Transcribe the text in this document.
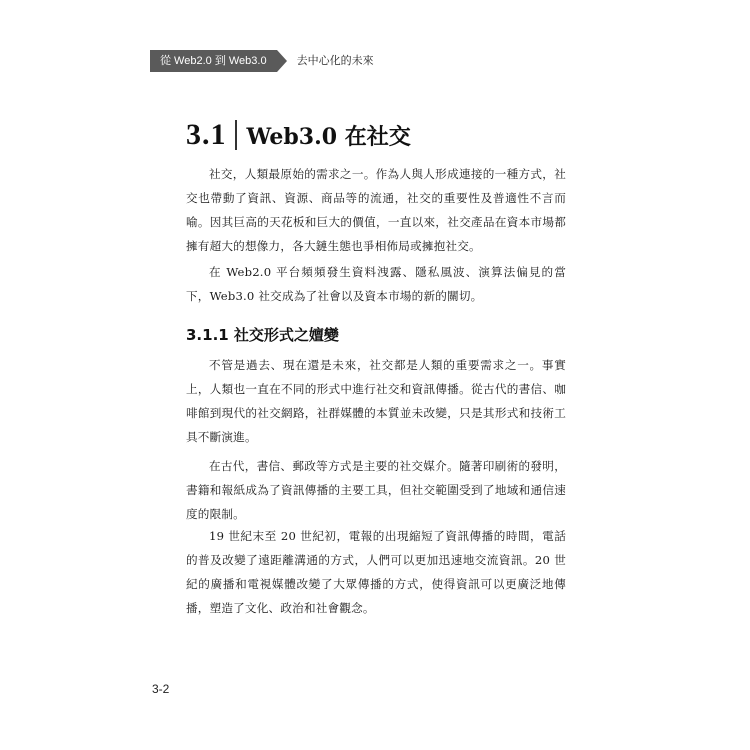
從 Web2.0 到 Web3.0	去中心化的未來
3.1 Web3.0 在社交

社交，人類最原始的需求之一。作為人與人形成連接的一種方式，社交也帶動了資訊、資源、商品等的流通，社交的重要性及普適性不言而喻。因其巨高的天花板和巨大的價值，一直以來，社交產品在資本市場都擁有超大的想像力，各大鏈生態也爭相佈局或擁抱社交。

在 Web2.0 平台頻頻發生資料洩露、隱私風波、演算法偏見的當下，Web3.0 社交成為了社會以及資本市場的新的關切。

3.1.1 社交形式之嬗變

不管是過去、現在還是未來，社交都是人類的重要需求之一。事實上，人類也一直在不同的形式中進行社交和資訊傳播。從古代的書信、咖啡館到現代的社交網路，社群媒體的本質並未改變，只是其形式和技術工具不斷演進。

在古代，書信、郵政等方式是主要的社交媒介。隨著印刷術的發明，書籍和報紙成為了資訊傳播的主要工具，但社交範圍受到了地域和通信速度的限制。

19 世紀末至 20 世紀初，電報的出現縮短了資訊傳播的時間，電話的普及改變了遠距離溝通的方式，人們可以更加迅速地交流資訊。20 世紀的廣播和電視媒體改變了大眾傳播的方式，使得資訊可以更廣泛地傳播，塑造了文化、政治和社會觀念。

3-2
